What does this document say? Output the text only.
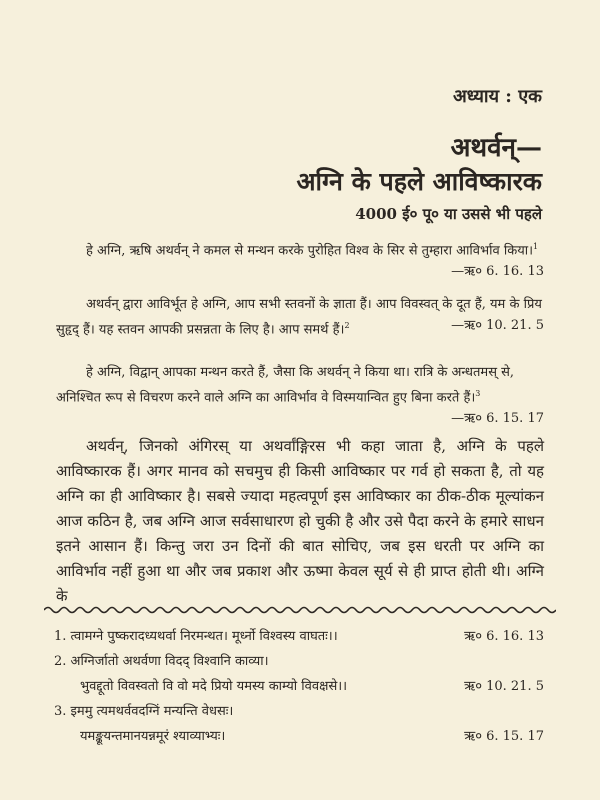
अध्याय : एक
अथर्वन्—
अग्नि के पहले आविष्कारक
4000 ई० पू० या उससे भी पहले
हे अग्नि, ऋषि अथर्वन् ने कमल से मन्थन करके पुरोहित विश्व के सिर से तुम्हारा आविर्भाव किया।$^1$
—ऋ० 6. 16. 13
अथर्वन् द्वारा आविर्भूत हे अग्नि, आप सभी स्तवनों के ज्ञाता हैं। आप विवस्वत् के दूत हैं, यम के प्रिय सुहृद् हैं। यह स्तवन आपकी प्रसन्नता के लिए है। आप समर्थ हैं।$^2$	—ऋ० 10. 21. 5
हे अग्नि, विद्वान् आपका मन्थन करते हैं, जैसा कि अथर्वन् ने किया था। रात्रि के अन्धतमस् से, अनिश्चित रूप से विचरण करने वाले अग्नि का आविर्भाव वे विस्मयान्वित हुए बिना करते हैं।$^3$
—ऋ० 6. 15. 17
अथर्वन्, जिनको अंगिरस् या अथर्वांङ्गिरस भी कहा जाता है, अग्नि के पहले आविष्कारक हैं। अगर मानव को सचमुच ही किसी आविष्कार पर गर्व हो सकता है, तो यह अग्नि का ही आविष्कार है। सबसे ज्यादा महत्वपूर्ण इस आविष्कार का ठीक-ठीक मूल्यांकन आज कठिन है, जब अग्नि आज सर्वसाधारण हो चुकी है और उसे पैदा करने के हमारे साधन इतने आसान हैं। किन्तु जरा उन दिनों की बात सोचिए, जब इस धरती पर अग्नि का आविर्भाव नहीं हुआ था और जब प्रकाश और ऊष्मा केवल सूर्य से ही प्राप्त होती थी। अग्नि के
1. त्वामग्ने पुष्करादध्यथर्वा निरमन्थत। मूर्ध्नो विश्वस्य वाघतः।।	ऋ० 6. 16. 13
2. अग्निर्जातो अथर्वणा विदद् विश्वानि काव्या।
भुवद्दूतो विवस्वतो वि वो मदे प्रियो यमस्य काम्यो विवक्षसे।।	ऋ० 10. 21. 5
3. इममु त्यमथर्ववदग्निं मन्यन्ति वेधसः।
यमङ्कूयन्तमानयन्नमूरं श्याव्याभ्यः।	ऋ० 6. 15. 17
